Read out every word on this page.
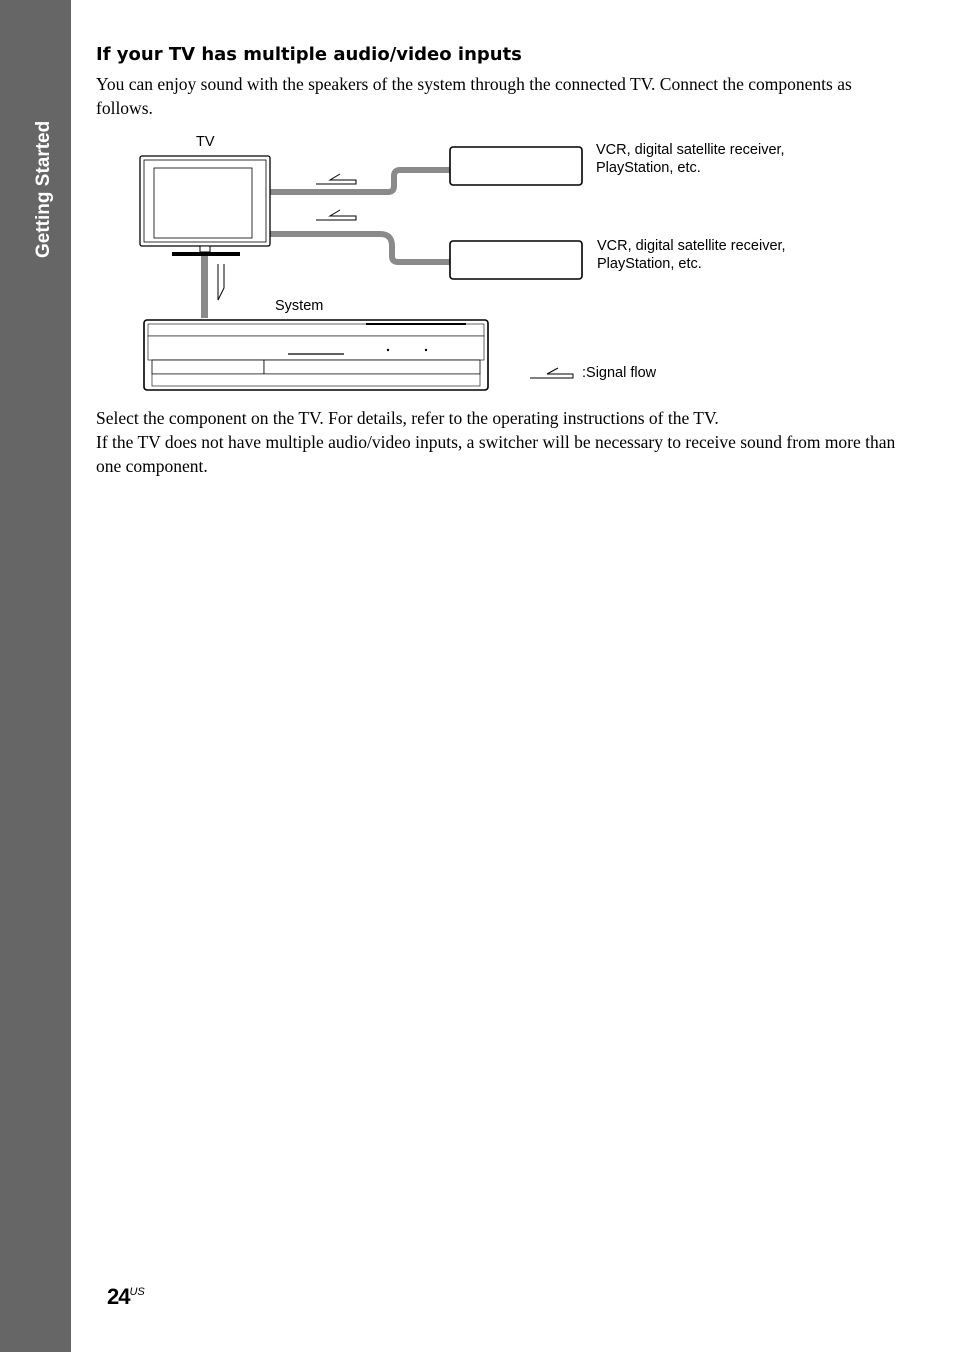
Getting Started
If your TV has multiple audio/video inputs

You can enjoy sound with the speakers of the system through the connected TV. Connect the components as follows.

TV	VCR, digital satellite receiver,
PlayStation, etc.
VCR, digital satellite receiver,
PlayStation, etc.
System
:Signal flow
Select the component on the TV. For details, refer to the operating instructions of the TV.
If the TV does not have multiple audio/video inputs, a switcher will be necessary to receive sound from more than one component.
$24^{US}$
